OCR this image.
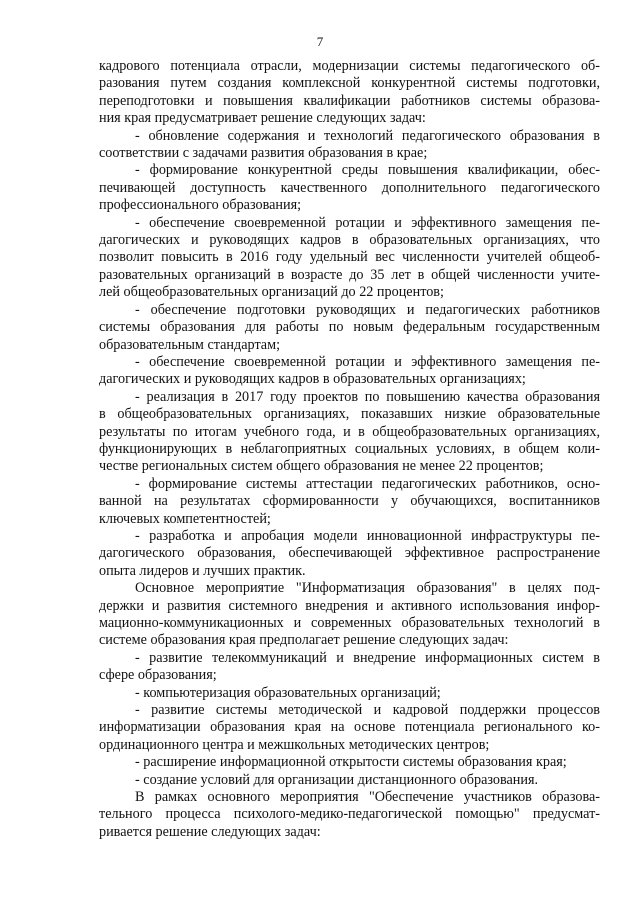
7

кадрового потенциала отрасли, модернизации системы педагогического об-

разования путем создания комплексной конкурентной системы подготовки,

переподготовки и повышения квалификации работников системы образова-

ния края предусматривает решение следующих задач:

- обновление содержания и технологий педагогического образования в

соответствии с задачами развития образования в крае;

- формирование конкурентной среды повышения квалификации, обес-

печивающей доступность качественного дополнительного педагогического

профессионального образования;

- обеспечение своевременной ротации и эффективного замещения пе-

дагогических и руководящих кадров в образовательных организациях, что

позволит повысить в 2016 году удельный вес численности учителей общеоб-

разовательных организаций в возрасте до 35 лет в общей численности учите-

лей общеобразовательных организаций до 22 процентов;

- обеспечение подготовки руководящих и педагогических работников

системы образования для работы по новым федеральным государственным

образовательным стандартам;

- обеспечение своевременной ротации и эффективного замещения пе-

дагогических и руководящих кадров в образовательных организациях;

- реализация в 2017 году проектов по повышению качества образования

в общеобразовательных организациях, показавших низкие образовательные

результаты по итогам учебного года, и в общеобразовательных организациях,

функционирующих в неблагоприятных социальных условиях, в общем коли-

честве региональных систем общего образования не менее 22 процентов;

- формирование системы аттестации педагогических работников, осно-

ванной на результатах сформированности у обучающихся, воспитанников

ключевых компетентностей;

- разработка и апробация модели инновационной инфраструктуры пе-

дагогического образования, обеспечивающей эффективное распространение

опыта лидеров и лучших практик.

Основное мероприятие "Информатизация образования" в целях под-

держки и развития системного внедрения и активного использования инфор-

мационно-коммуникационных и современных образовательных технологий в

системе образования края предполагает решение следующих задач:

- развитие телекоммуникаций и внедрение информационных систем в

сфере образования;

- компьютеризация образовательных организаций;

- развитие системы методической и кадровой поддержки процессов

информатизации образования края на основе потенциала регионального ко-

ординационного центра и межшкольных методических центров;

- расширение информационной открытости системы образования края;

- создание условий для организации дистанционного образования.

В рамках основного мероприятия "Обеспечение участников образова-

тельного процесса психолого-медико-педагогической помощью" предусмат-

ривается решение следующих задач:
